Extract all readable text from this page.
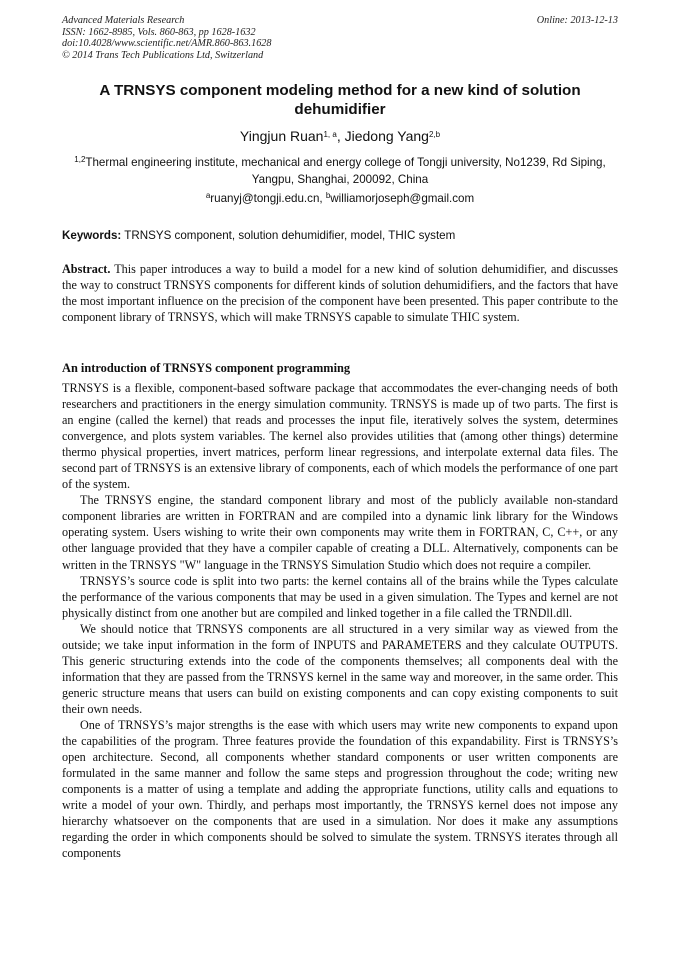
Advanced Materials Research
ISSN: 1662-8985, Vols. 860-863, pp 1628-1632
doi:10.4028/www.scientific.net/AMR.860-863.1628
© 2014 Trans Tech Publications Ltd, Switzerland
Online: 2013-12-13
A TRNSYS component modeling method for a new kind of solution dehumidifier
Yingjun Ruan$^{1, a}$, Jiedong Yang$^{2,b}$
$^{1,2}$Thermal engineering institute, mechanical and energy college of Tongji university, No1239, Rd Siping, Yangpu, Shanghai, 200092, China
$^a$ruanyj@tongji.edu.cn, $^b$williamorjoseph@gmail.com
Keywords: TRNSYS component, solution dehumidifier, model, THIC system
Abstract. This paper introduces a way to build a model for a new kind of solution dehumidifier, and discusses the way to construct TRNSYS components for different kinds of solution dehumidifiers, and the factors that have the most important influence on the precision of the component have been presented. This paper contribute to the component library of TRNSYS, which will make TRNSYS capable to simulate THIC system.
An introduction of TRNSYS component programming

TRNSYS is a flexible, component-based software package that accommodates the ever-changing needs of both researchers and practitioners in the energy simulation community. TRNSYS is made up of two parts. The first is an engine (called the kernel) that reads and processes the input file, iteratively solves the system, determines convergence, and plots system variables. The kernel also provides utilities that (among other things) determine thermo physical properties, invert matrices, perform linear regressions, and interpolate external data files. The second part of TRNSYS is an extensive library of components, each of which models the performance of one part of the system.

The TRNSYS engine, the standard component library and most of the publicly available non-standard component libraries are written in FORTRAN and are compiled into a dynamic link library for the Windows operating system. Users wishing to write their own components may write them in FORTRAN, C, C++, or any other language provided that they have a compiler capable of creating a DLL. Alternatively, components can be written in the TRNSYS "W" language in the TRNSYS Simulation Studio which does not require a compiler.

TRNSYS’s source code is split into two parts: the kernel contains all of the brains while the Types calculate the performance of the various components that may be used in a given simulation. The Types and kernel are not physically distinct from one another but are compiled and linked together in a file called the TRNDll.dll.

We should notice that TRNSYS components are all structured in a very similar way as viewed from the outside; we take input information in the form of INPUTS and PARAMETERS and they calculate OUTPUTS. This generic structuring extends into the code of the components themselves; all components deal with the information that they are passed from the TRNSYS kernel in the same way and moreover, in the same order. This generic structure means that users can build on existing components and can copy existing components to suit their own needs.

One of TRNSYS’s major strengths is the ease with which users may write new components to expand upon the capabilities of the program. Three features provide the foundation of this expandability. First is TRNSYS’s open architecture. Second, all components whether standard components or user written components are formulated in the same manner and follow the same steps and progression throughout the code; writing new components is a matter of using a template and adding the appropriate functions, utility calls and equations to write a model of your own. Thirdly, and perhaps most importantly, the TRNSYS kernel does not impose any hierarchy whatsoever on the components that are used in a simulation. Nor does it make any assumptions regarding the order in which components should be solved to simulate the system. TRNSYS iterates through all components
